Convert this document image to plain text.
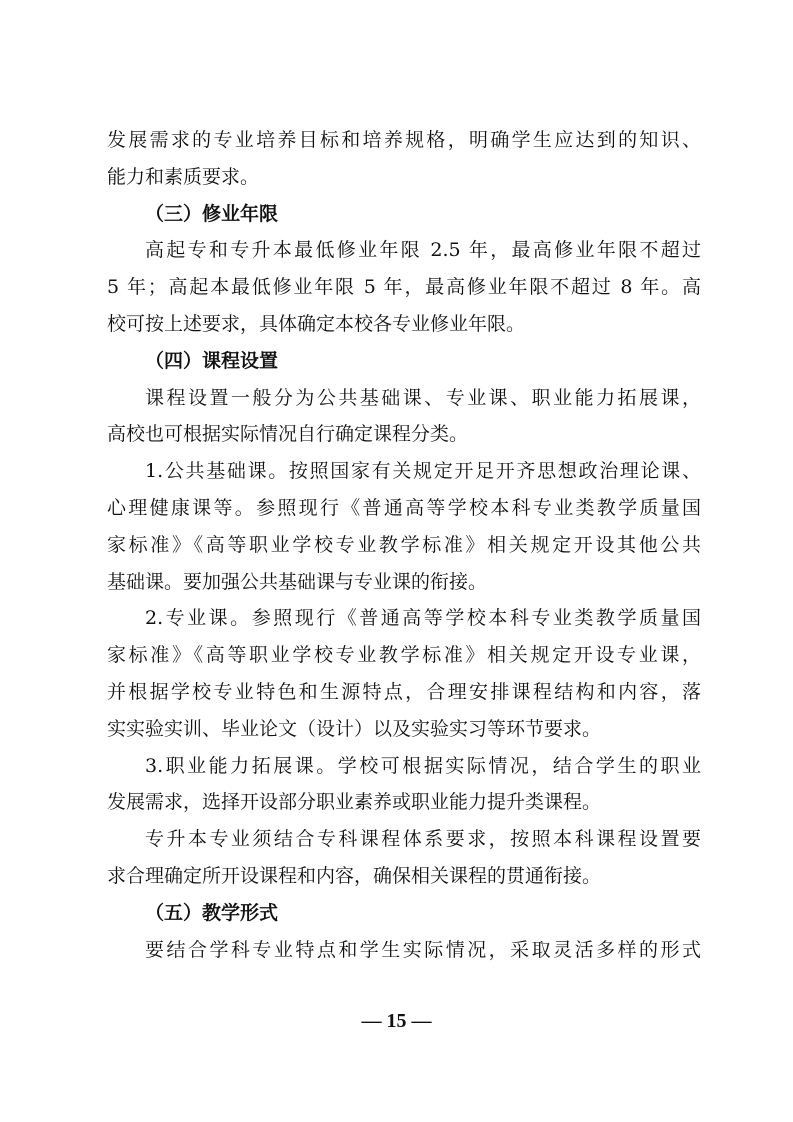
发展需求的专业培养目标和培养规格，明确学生应达到的知识、
能力和素质要求。
（三）修业年限
高起专和专升本最低修业年限 2.5 年，最高修业年限不超过
5 年；高起本最低修业年限 5 年，最高修业年限不超过 8 年。高
校可按上述要求，具体确定本校各专业修业年限。
（四）课程设置
课程设置一般分为公共基础课、专业课、职业能力拓展课，
高校也可根据实际情况自行确定课程分类。
1.公共基础课。按照国家有关规定开足开齐思想政治理论课、
心理健康课等。参照现行《普通高等学校本科专业类教学质量国
家标准》《高等职业学校专业教学标准》相关规定开设其他公共
基础课。要加强公共基础课与专业课的衔接。
2.专业课。参照现行《普通高等学校本科专业类教学质量国
家标准》《高等职业学校专业教学标准》相关规定开设专业课，
并根据学校专业特色和生源特点，合理安排课程结构和内容，落
实实验实训、毕业论文（设计）以及实验实习等环节要求。
3.职业能力拓展课。学校可根据实际情况，结合学生的职业
发展需求，选择开设部分职业素养或职业能力提升类课程。
专升本专业须结合专科课程体系要求，按照本科课程设置要
求合理确定所开设课程和内容，确保相关课程的贯通衔接。
（五）教学形式
要结合学科专业特点和学生实际情况，采取灵活多样的形式
— 15 —
